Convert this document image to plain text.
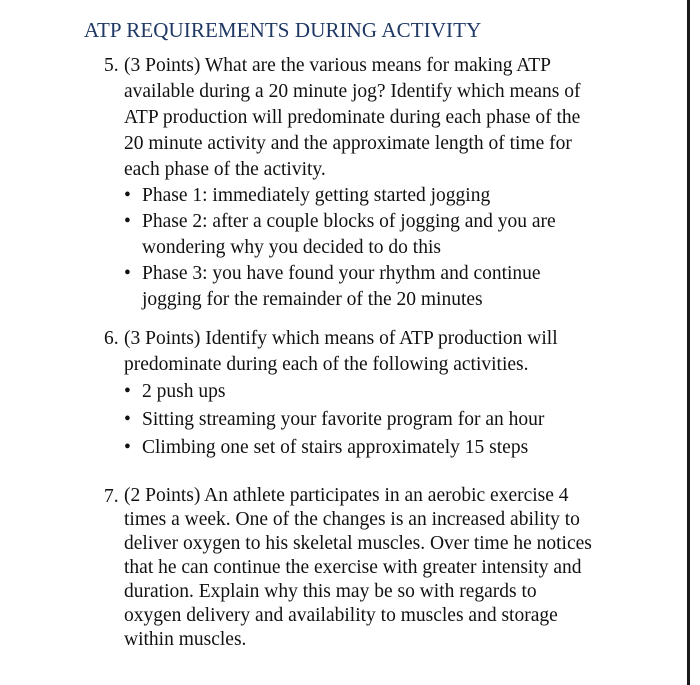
ATP REQUIREMENTS DURING ACTIVITY
5. (3 Points) What are the various means for making ATP
available during a 20 minute jog? Identify which means of
ATP production will predominate during each phase of the
20 minute activity and the approximate length of time for
each phase of the activity.
• Phase 1: immediately getting started jogging
• Phase 2: after a couple blocks of jogging and you are
wondering why you decided to do this
• Phase 3: you have found your rhythm and continue
jogging for the remainder of the 20 minutes
6. (3 Points) Identify which means of ATP production will
predominate during each of the following activities.
• 2 push ups
• Sitting streaming your favorite program for an hour
• Climbing one set of stairs approximately 15 steps
7. (2 Points) An athlete participates in an aerobic exercise 4
times a week. One of the changes is an increased ability to
deliver oxygen to his skeletal muscles. Over time he notices
that he can continue the exercise with greater intensity and
duration. Explain why this may be so with regards to
oxygen delivery and availability to muscles and storage
within muscles.
